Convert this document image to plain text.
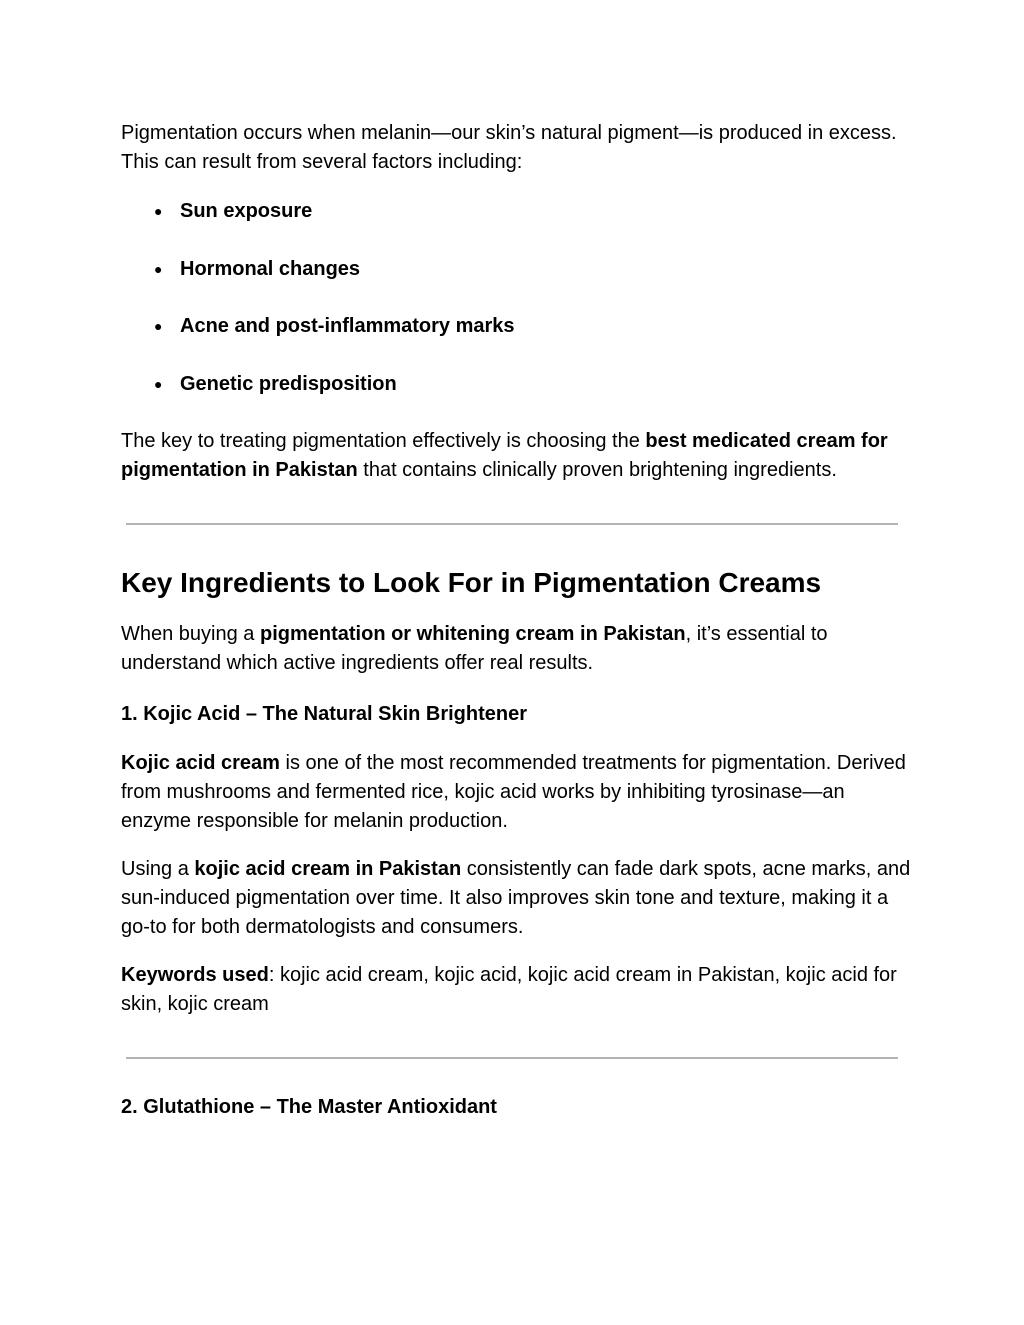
Pigmentation occurs when melanin—our skin’s natural pigment—is produced in excess. This can result from several factors including:

● Sun exposure
● Hormonal changes
● Acne and post-inflammatory marks
● Genetic predisposition

The key to treating pigmentation effectively is choosing the best medicated cream for pigmentation in Pakistan that contains clinically proven brightening ingredients.

Key Ingredients to Look For in Pigmentation Creams

When buying a pigmentation or whitening cream in Pakistan, it’s essential to understand which active ingredients offer real results.

1. Kojic Acid – The Natural Skin Brightener

Kojic acid cream is one of the most recommended treatments for pigmentation. Derived from mushrooms and fermented rice, kojic acid works by inhibiting tyrosinase—an enzyme responsible for melanin production.

Using a kojic acid cream in Pakistan consistently can fade dark spots, acne marks, and sun-induced pigmentation over time. It also improves skin tone and texture, making it a go-to for both dermatologists and consumers.

Keywords used: kojic acid cream, kojic acid, kojic acid cream in Pakistan, kojic acid for skin, kojic cream

2. Glutathione – The Master Antioxidant
